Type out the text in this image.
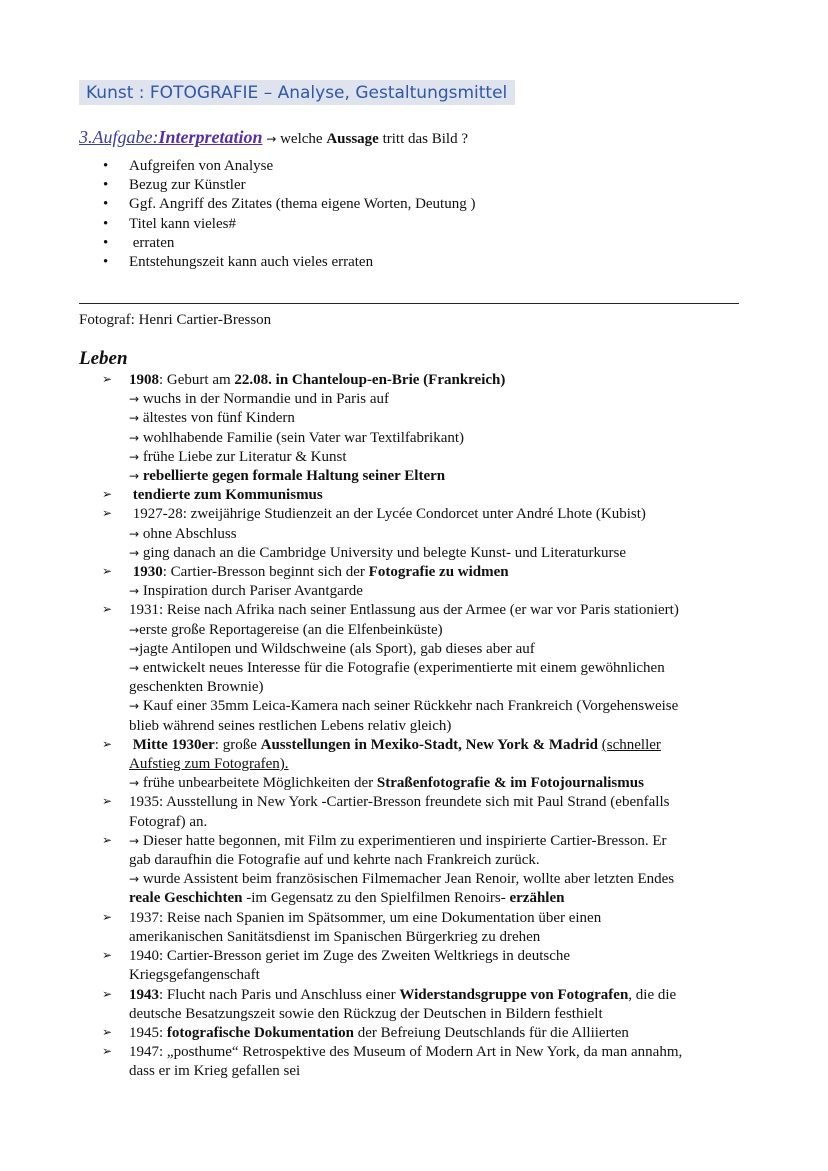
Kunst : FOTOGRAFIE – Analyse, Gestaltungsmittel
3.Aufgabe:Interpretation → welche Aussage tritt das Bild ?
• Aufgreifen von Analyse
• Bezug zur Künstler
• Ggf. Angriff des Zitates (thema eigene Worten, Deutung )
• Titel kann vieles#
• erraten
• Entstehungszeit kann auch vieles erraten
Fotograf: Henri Cartier-Bresson
Leben
➢ 1908: Geburt am 22.08. in Chanteloup-en-Brie (Frankreich)
→ wuchs in der Normandie und in Paris auf
→ ältestes von fünf Kindern
→ wohlhabende Familie (sein Vater war Textilfabrikant)
→ frühe Liebe zur Literatur & Kunst
→ rebellierte gegen formale Haltung seiner Eltern
➢ tendierte zum Kommunismus
➢ 1927-28: zweijährige Studienzeit an der Lycée Condorcet unter André Lhote (Kubist)
→ ohne Abschluss
→ ging danach an die Cambridge University und belegte Kunst- und Literaturkurse
➢ 1930: Cartier-Bresson beginnt sich der Fotografie zu widmen
→ Inspiration durch Pariser Avantgarde
➢ 1931: Reise nach Afrika nach seiner Entlassung aus der Armee (er war vor Paris stationiert)
→erste große Reportagereise (an die Elfenbeinküste)
→jagte Antilopen und Wildschweine (als Sport), gab dieses aber auf
→ entwickelt neues Interesse für die Fotografie (experimentierte mit einem gewöhnlichen
geschenkten Brownie)
→ Kauf einer 35mm Leica-Kamera nach seiner Rückkehr nach Frankreich (Vorgehensweise
blieb während seines restlichen Lebens relativ gleich)
➢ Mitte 1930er: große Ausstellungen in Mexiko-Stadt, New York & Madrid (schneller
Aufstieg zum Fotografen).
→ frühe unbearbeitete Möglichkeiten der Straßenfotografie & im Fotojournalismus
➢ 1935: Ausstellung in New York -Cartier-Bresson freundete sich mit Paul Strand (ebenfalls
Fotograf) an.
➢ → Dieser hatte begonnen, mit Film zu experimentieren und inspirierte Cartier-Bresson. Er
gab daraufhin die Fotografie auf und kehrte nach Frankreich zurück.
→ wurde Assistent beim französischen Filmemacher Jean Renoir, wollte aber letzten Endes
reale Geschichten -im Gegensatz zu den Spielfilmen Renoirs- erzählen
➢ 1937: Reise nach Spanien im Spätsommer, um eine Dokumentation über einen
amerikanischen Sanitätsdienst im Spanischen Bürgerkrieg zu drehen
➢ 1940: Cartier-Bresson geriet im Zuge des Zweiten Weltkriegs in deutsche
Kriegsgefangenschaft
➢ 1943: Flucht nach Paris und Anschluss einer Widerstandsgruppe von Fotografen, die die
deutsche Besatzungszeit sowie den Rückzug der Deutschen in Bildern festhielt
➢ 1945: fotografische Dokumentation der Befreiung Deutschlands für die Alliierten
➢ 1947: „posthume“ Retrospektive des Museum of Modern Art in New York, da man annahm,
dass er im Krieg gefallen sei
